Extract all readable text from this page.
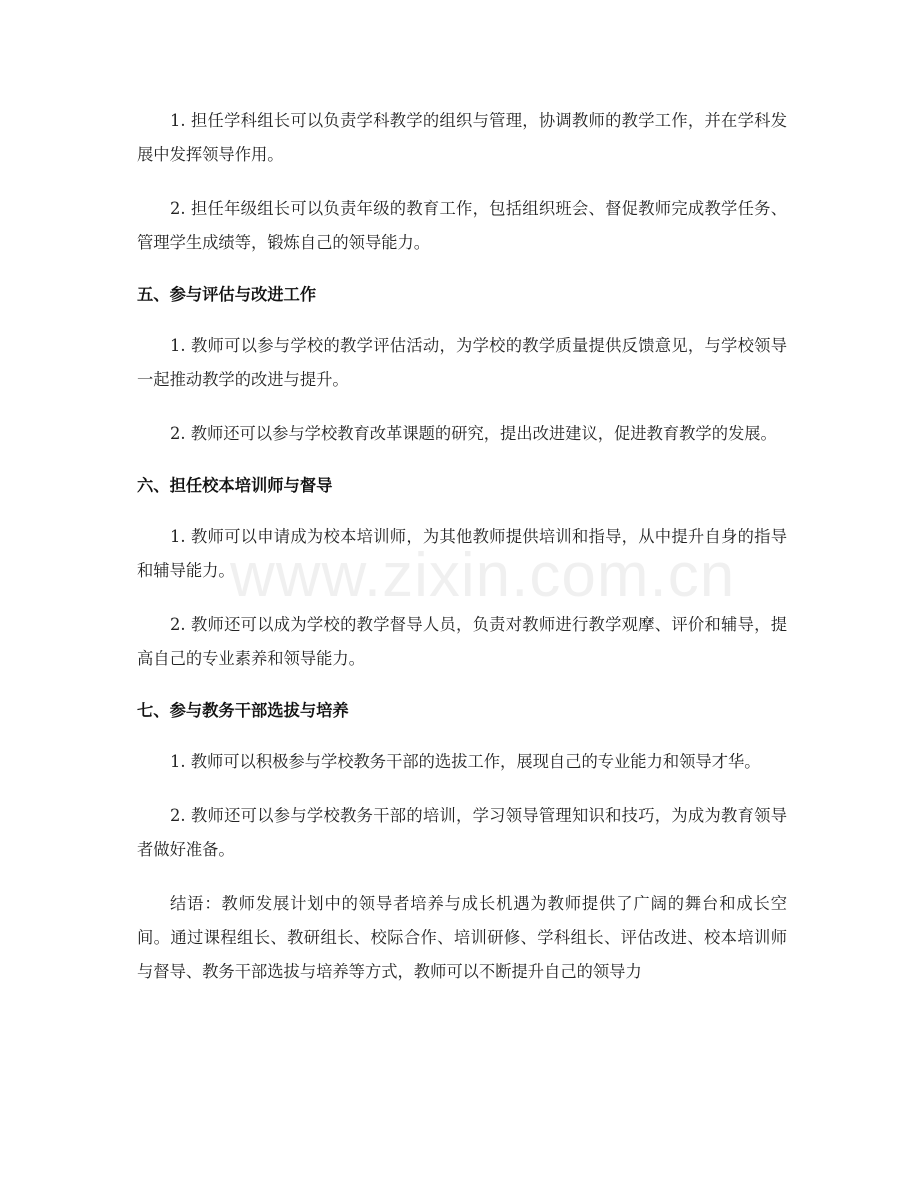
1. 担任学科组长可以负责学科教学的组织与管理，协调教师的教学工作，并在学科发展中发挥领导作用。

2. 担任年级组长可以负责年级的教育工作，包括组织班会、督促教师完成教学任务、管理学生成绩等，锻炼自己的领导能力。

五、参与评估与改进工作

1. 教师可以参与学校的教学评估活动，为学校的教学质量提供反馈意见，与学校领导一起推动教学的改进与提升。

2. 教师还可以参与学校教育改革课题的研究，提出改进建议，促进教育教学的发展。

六、担任校本培训师与督导

1. 教师可以申请成为校本培训师，为其他教师提供培训和指导，从中提升自身的指导和辅导能力。

2. 教师还可以成为学校的教学督导人员，负责对教师进行教学观摩、评价和辅导，提高自己的专业素养和领导能力。

七、参与教务干部选拔与培养

1. 教师可以积极参与学校教务干部的选拔工作，展现自己的专业能力和领导才华。

2. 教师还可以参与学校教务干部的培训，学习领导管理知识和技巧，为成为教育领导者做好准备。

结语：教师发展计划中的领导者培养与成长机遇为教师提供了广阔的舞台和成长空间。通过课程组长、教研组长、校际合作、培训研修、学科组长、评估改进、校本培训师与督导、教务干部选拔与培养等方式，教师可以不断提升自己的领导力

www.zixin.com.cn
